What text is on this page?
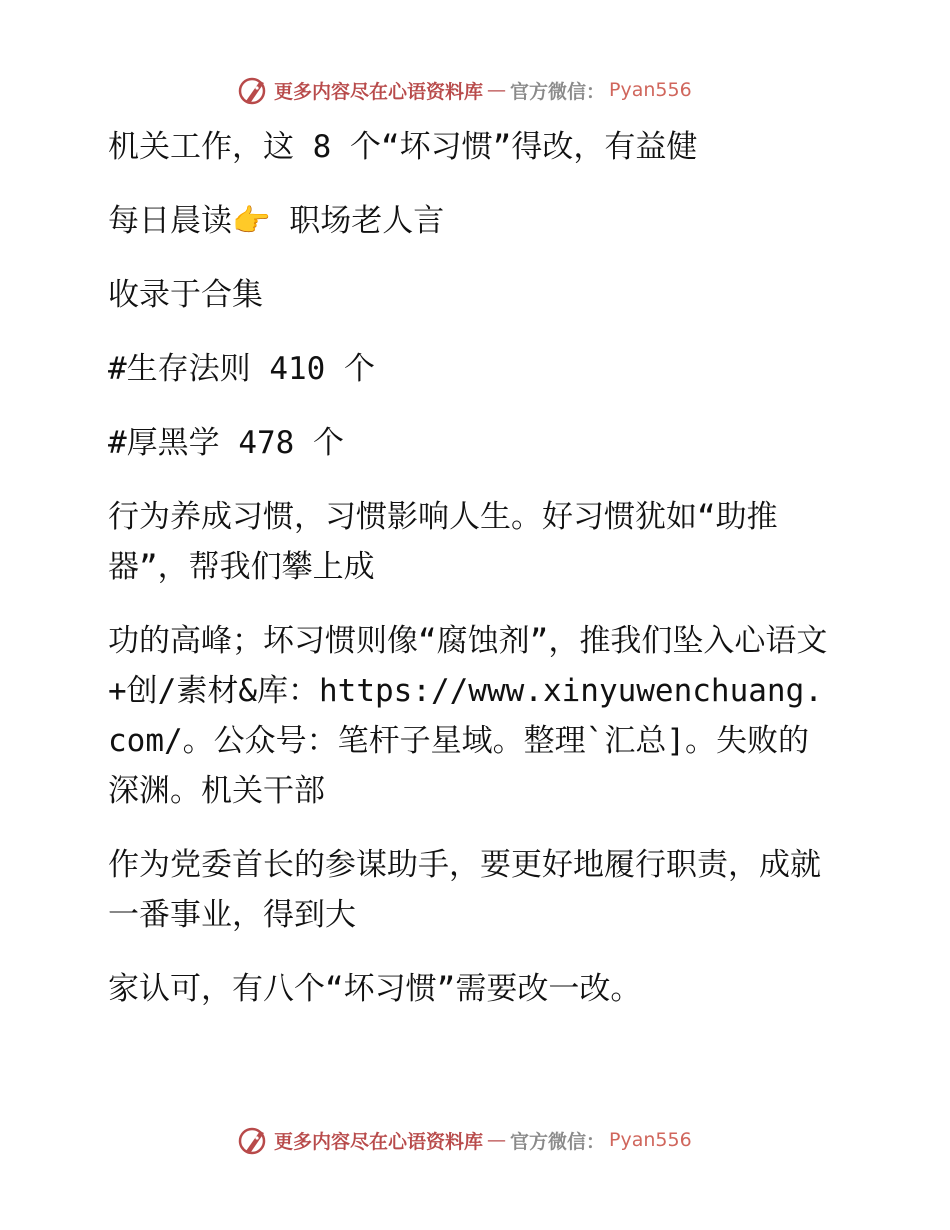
更多内容尽在心语资料库 — 官方微信： Pyan556

机关工作，这 8 个“坏习惯”得改，有益健

每日晨读👉 职场老人言

收录于合集

#生存法则 410 个

#厚黑学 478 个

行为养成习惯，习惯影响人生。好习惯犹如“助推器”，帮我们攀上成

功的高峰；坏习惯则像“腐蚀剂”，推我们坠入心语文+创/素材&库：https://www.xinyuwenchuang.com/。公众号：笔杆子星域。整理`汇总]。失败的深渊。机关干部

作为党委首长的参谋助手，要更好地履行职责，成就一番事业，得到大

家认可，有八个“坏习惯”需要改一改。

更多内容尽在心语资料库 — 官方微信： Pyan556
